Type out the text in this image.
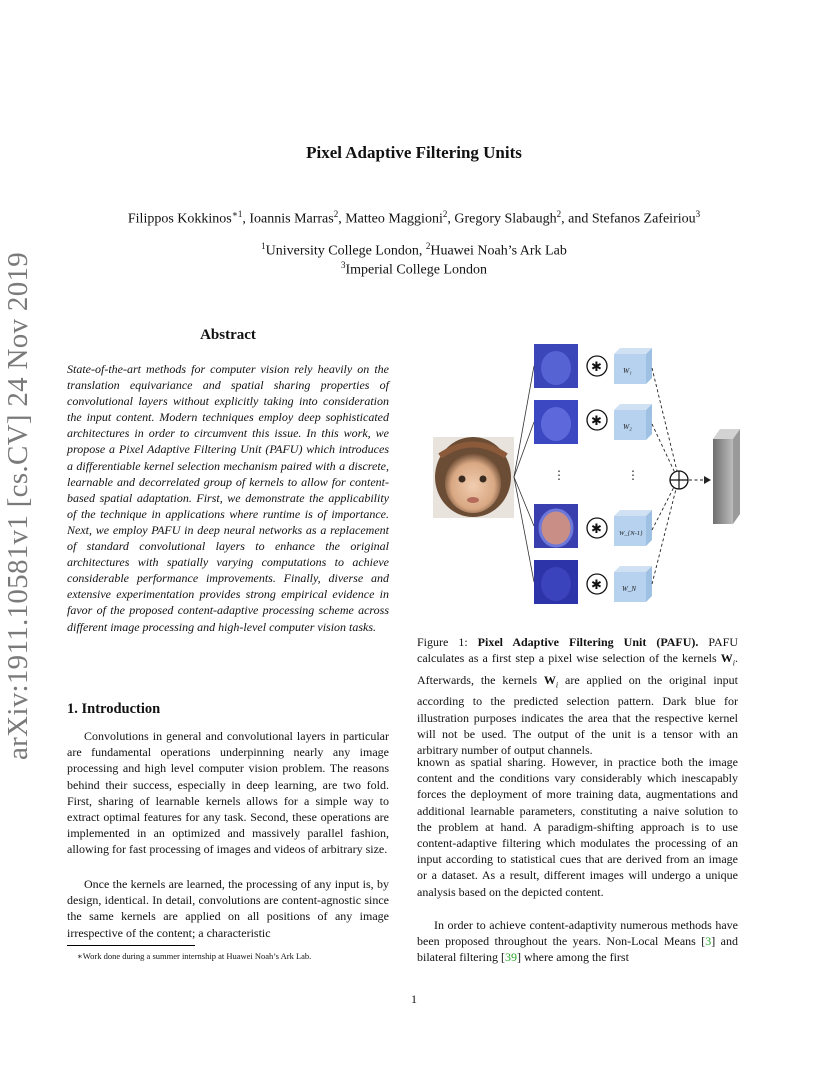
arXiv:1911.10581v1 [cs.CV] 24 Nov 2019
Pixel Adaptive Filtering Units
Filippos Kokkinos$^{∗1}$, Ioannis Marras$^2$, Matteo Maggioni$^2$, Gregory Slabaugh$^2$, and Stefanos Zafeiriou$^3$
$^1$University College London, $^2$Huawei Noah’s Ark Lab
$^3$Imperial College London
Abstract
State-of-the-art methods for computer vision rely heavily on the translation equivariance and spatial sharing properties of convolutional layers without explicitly taking into consideration the input content. Modern techniques employ deep sophisticated architectures in order to circumvent this issue. In this work, we propose a Pixel Adaptive Filtering Unit (PAFU) which introduces a differentiable kernel selection mechanism paired with a discrete, learnable and decorrelated group of kernels to allow for content-based spatial adaptation. First, we demonstrate the applicability of the technique in applications where runtime is of importance. Next, we employ PAFU in deep neural networks as a replacement of standard convolutional layers to enhance the original architectures with spatially varying computations to achieve considerable performance improvements. Finally, diverse and extensive experimentation provides strong empirical evidence in favor of the proposed content-adaptive processing scheme across different image processing and high-level computer vision tasks.
1. Introduction
Convolutions in general and convolutional layers in particular are fundamental operations underpinning nearly any image processing and high level computer vision problem. The reasons behind their success, especially in deep learning, are two fold. First, sharing of learnable kernels allows for a simple way to extract optimal features for any task. Second, these operations are implemented in an optimized and massively parallel fashion, allowing for fast processing of images and videos of arbitrary size.
Once the kernels are learned, the processing of any input is, by design, identical. In detail, convolutions are content-agnostic since the same kernels are applied on all positions of any image irrespective of the content; a characteristic
∗Work done during a summer internship at Huawei Noah’s Ark Lab.
⋮	⋮
✱
✱
✱
✱
W₁
W₂
W_{N-1}
W_N
Figure 1: Pixel Adaptive Filtering Unit (PAFU). PAFU calculates as a first step a pixel wise selection of the kernels $W_i$. Afterwards, the kernels $W_i$ are applied on the original input according to the predicted selection pattern. Dark blue for illustration purposes indicates the area that the respective kernel will not be used. The output of the unit is a tensor with an arbitrary number of output channels.
known as spatial sharing. However, in practice both the image content and the conditions vary considerably which inescapably forces the deployment of more training data, augmentations and additional learnable parameters, constituting a naive solution to the problem at hand. A paradigm-shifting approach is to use content-adaptive filtering which modulates the processing of an input according to statistical cues that are derived from an image or a dataset. As a result, different images will undergo a unique analysis based on the depicted content.
In order to achieve content-adaptivity numerous methods have been proposed throughout the years. Non-Local Means [3] and bilateral filtering [39] where among the first
1
